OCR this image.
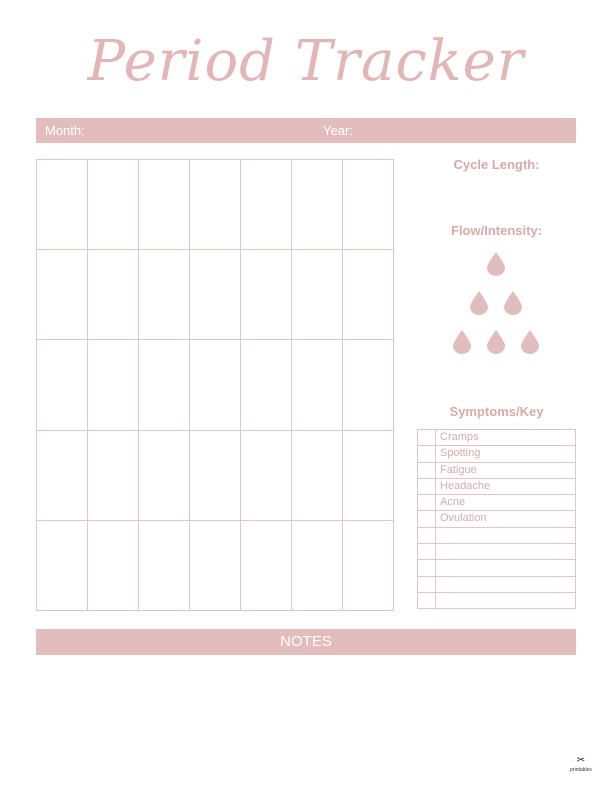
Period Tracker
Month:	Year:
Cycle Length:
Flow/Intensity:
Symptoms/Key
Cramps
Spotting
Fatigue
Headache
Acne
Ovulation
NOTES
✂
printables
